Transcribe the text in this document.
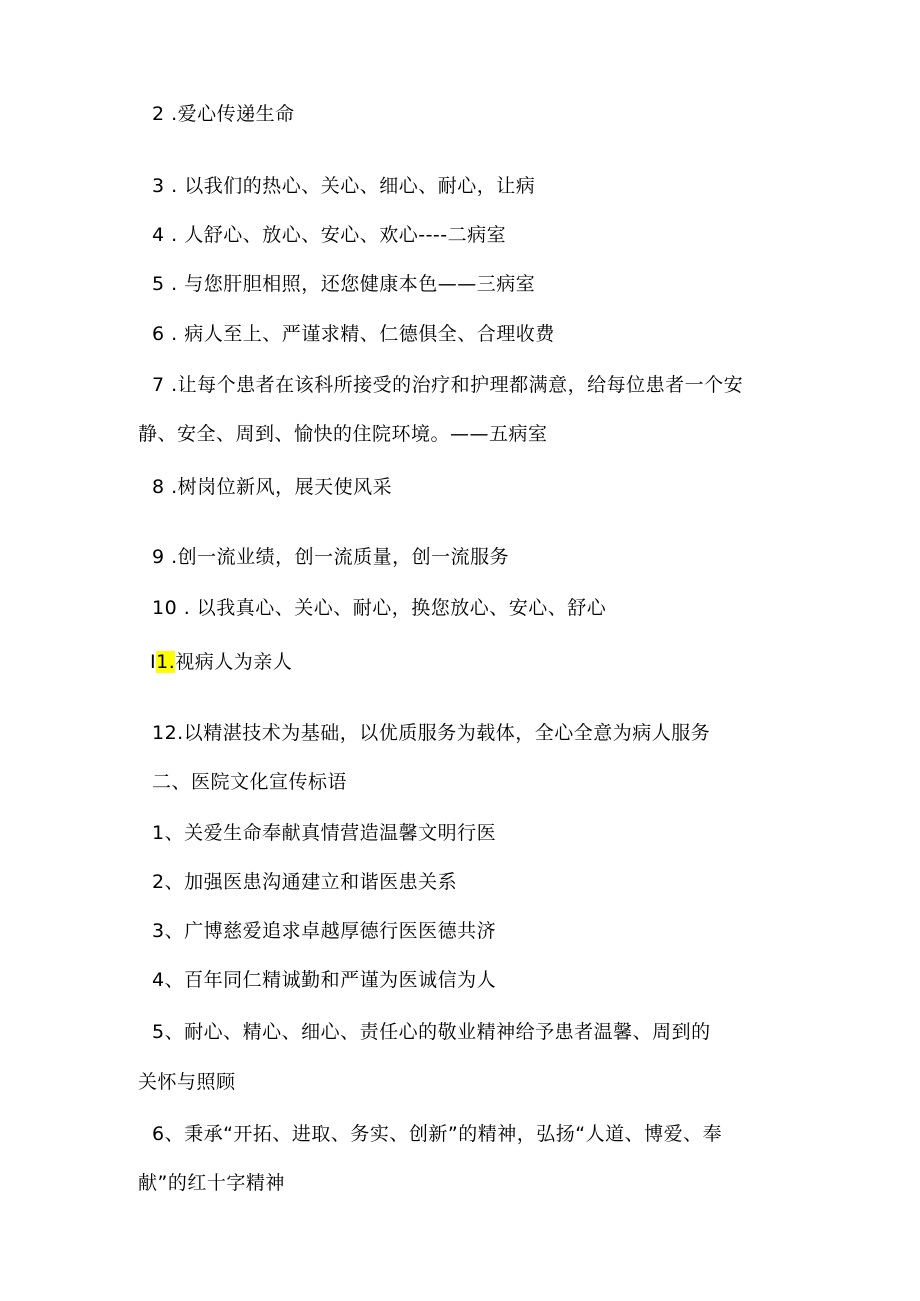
2 .爱心传递生命
3 . 以我们的热心、关心、细心、耐心，让病
4 . 人舒心、放心、安心、欢心----二病室
5 . 与您肝胆相照，还您健康本色——三病室
6 . 病人至上、严谨求精、仁德俱全、合理收费
7 .让每个患者在该科所接受的治疗和护理都满意，给每位患者一个安
静、安全、周到、愉快的住院环境。——五病室
8 .树岗位新风，展天使风采
9 .创一流业绩，创一流质量，创一流服务
10 . 以我真心、关心、耐心，换您放心、安心、舒心
I1.视病人为亲人
12.以精湛技术为基础，以优质服务为载体，全心全意为病人服务
二、医院文化宣传标语
1、关爱生命奉献真情营造温馨文明行医
2、加强医患沟通建立和谐医患关系
3、广博慈爱追求卓越厚德行医医德共济
4、百年同仁精诚勤和严谨为医诚信为人
5、耐心、精心、细心、责任心的敬业精神给予患者温馨、周到的
关怀与照顾
6、秉承“开拓、进取、务实、创新”的精神，弘扬“人道、博爱、奉
献”的红十字精神
